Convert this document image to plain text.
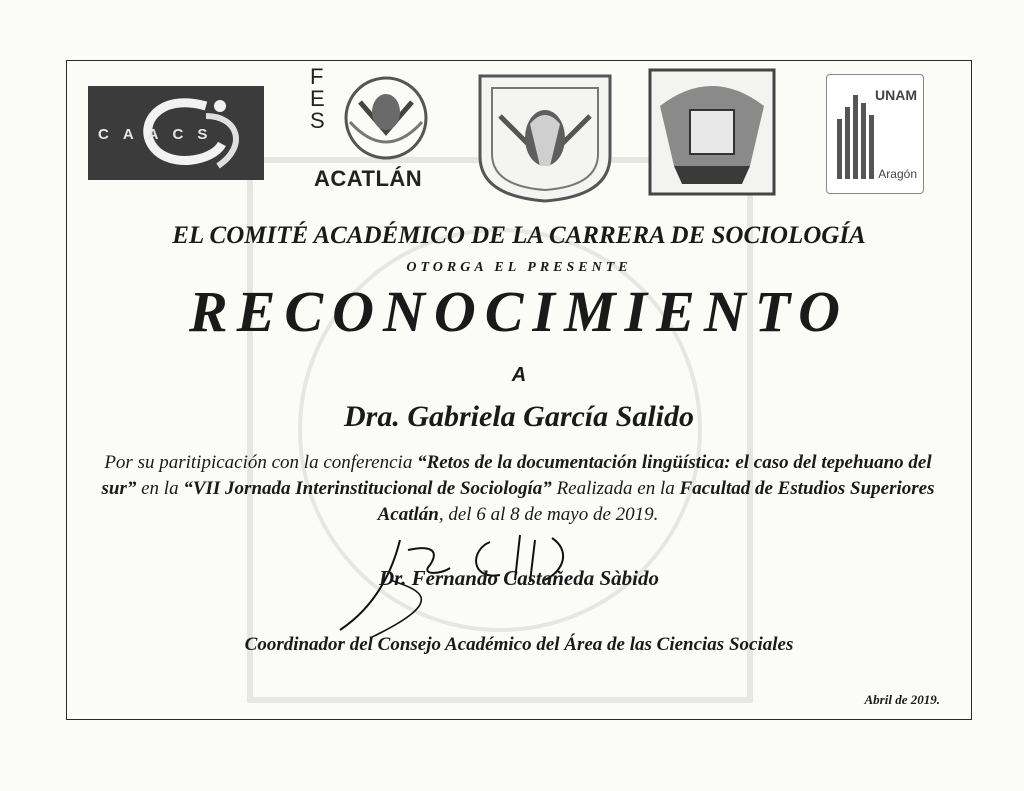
CAACS
F
E
S
ACATLÁN
UNAM
Aragón
EL COMITÉ ACADÉMICO DE LA CARRERA DE SOCIOLOGÍA
OTORGA EL PRESENTE
RECONOCIMIENTO
A
Dra. Gabriela García Salido
Por su paritipicación con la conferencia “Retos de la documentación lingüística: el caso del tepehuano del sur” en la “VII Jornada Interinstitucional de Sociología” Realizada en la Facultad de Estudios Superiores Acatlán, del 6 al 8 de mayo de 2019.
Dr. Fernando Castañeda Sàbido
Coordinador del Consejo Académico del Área de las Ciencias Sociales
Abril de 2019.
